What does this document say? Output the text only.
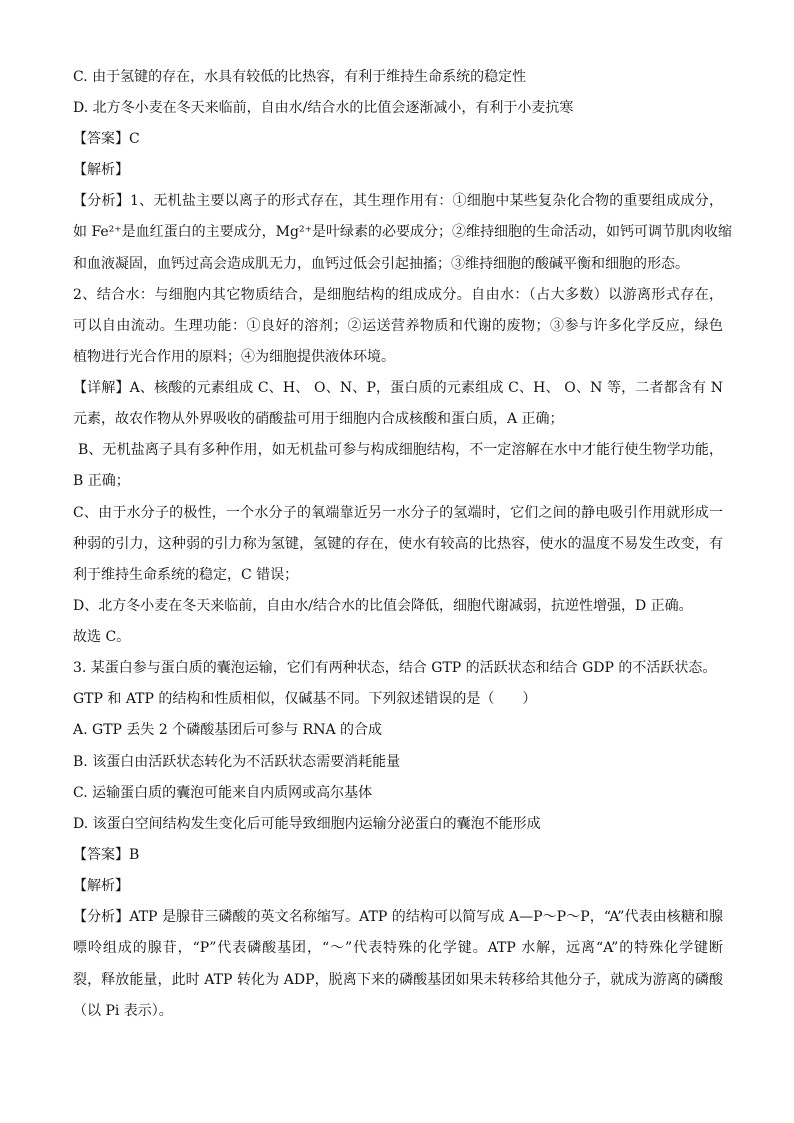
C. 由于氢键的存在，水具有较低的比热容，有利于维持生命系统的稳定性
D. 北方冬小麦在冬天来临前，自由水/结合水的比值会逐渐减小，有利于小麦抗寒
【答案】C
【解析】
【分析】1、无机盐主要以离子的形式存在，其生理作用有：①细胞中某些复杂化合物的重要组成成分，
如 Fe²⁺是血红蛋白的主要成分，Mg²⁺是叶绿素的必要成分；②维持细胞的生命活动，如钙可调节肌肉收缩
和血液凝固，血钙过高会造成肌无力，血钙过低会引起抽搐；③维持细胞的酸碱平衡和细胞的形态。
2、结合水：与细胞内其它物质结合，是细胞结构的组成成分。自由水：（占大多数）以游离形式存在，
可以自由流动。生理功能：①良好的溶剂；②运送营养物质和代谢的废物；③参与许多化学反应，绿色
植物进行光合作用的原料；④为细胞提供液体环境。
【详解】A、核酸的元素组成 C、H、 O、N、P，蛋白质的元素组成 C、H、 O、N 等，二者都含有 N
元素，故农作物从外界吸收的硝酸盐可用于细胞内合成核酸和蛋白质，A 正确；
B、无机盐离子具有多种作用，如无机盐可参与构成细胞结构，不一定溶解在水中才能行使生物学功能，
B 正确；
C、由于水分子的极性，一个水分子的氧端靠近另一水分子的氢端时，它们之间的静电吸引作用就形成一
种弱的引力，这种弱的引力称为氢键，氢键的存在，使水有较高的比热容，使水的温度不易发生改变，有
利于维持生命系统的稳定，C 错误；
D、北方冬小麦在冬天来临前，自由水/结合水的比值会降低，细胞代谢减弱，抗逆性增强，D 正确。
故选 C。
3. 某蛋白参与蛋白质的囊泡运输，它们有两种状态，结合 GTP 的活跃状态和结合 GDP 的不活跃状态。
GTP 和 ATP 的结构和性质相似，仅碱基不同。下列叙述错误的是（　　）
A. GTP 丢失 2 个磷酸基团后可参与 RNA 的合成
B. 该蛋白由活跃状态转化为不活跃状态需要消耗能量
C. 运输蛋白质的囊泡可能来自内质网或高尔基体
D. 该蛋白空间结构发生变化后可能导致细胞内运输分泌蛋白的囊泡不能形成
【答案】B
【解析】
【分析】ATP 是腺苷三磷酸的英文名称缩写。ATP 的结构可以简写成 A—P～P～P，“A”代表由核糖和腺
嘌呤组成的腺苷，“P”代表磷酸基团，“～”代表特殊的化学键。ATP 水解，远离“A”的特殊化学键断
裂，释放能量，此时 ATP 转化为 ADP，脱离下来的磷酸基团如果未转移给其他分子，就成为游离的磷酸
（以 Pi 表示）。
